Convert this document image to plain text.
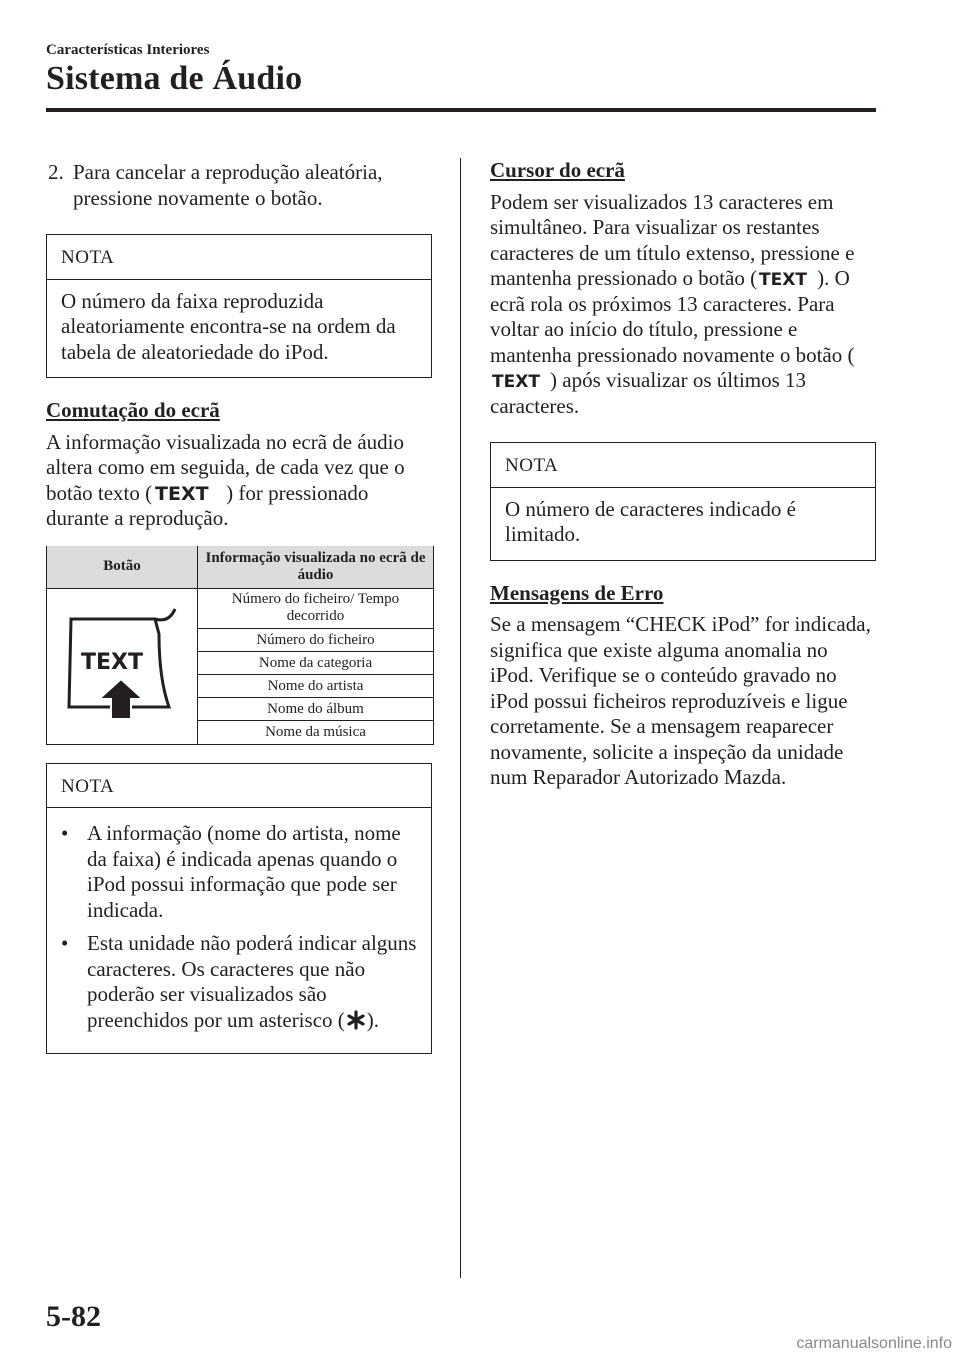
Características Interiores
Sistema de Áudio
2. Para cancelar a reprodução aleatória, pressione novamente o botão.
NOTA

O número da faixa reproduzida aleatoriamente encontra-se na ordem da tabela de aleatoriedade do iPod.

Comutação do ecrã

A informação visualizada no ecrã de áudio altera como em seguida, de cada vez que o botão texto ( TEXT ) for pressionado durante a reprodução.

Botão	Informação visualizada no ecrã de áudio

TEXT	Número do ficheiro/ Tempo decorrido
	Número do ficheiro
	Nome da categoria
	Nome do artista
	Nome do álbum
	Nome da música
NOTA
• A informação (nome do artista, nome da faixa) é indicada apenas quando o iPod possui informação que pode ser indicada.
• Esta unidade não poderá indicar alguns caracteres. Os caracteres que não poderão ser visualizados são preenchidos por um asterisco ( ).
Cursor do ecrã

Podem ser visualizados 13 caracteres em simultâneo. Para visualizar os restantes caracteres de um título extenso, pressione e mantenha pressionado o botão ( TEXT ). O ecrã rola os próximos 13 caracteres. Para voltar ao início do título, pressione e mantenha pressionado novamente o botão (
TEXT ) após visualizar os últimos 13 caracteres.

NOTA

O número de caracteres indicado é limitado.

Mensagens de Erro

Se a mensagem “CHECK iPod” for indicada, significa que existe alguma anomalia no iPod. Verifique se o conteúdo gravado no iPod possui ficheiros reproduzíveis e ligue corretamente. Se a mensagem reaparecer novamente, solicite a inspeção da unidade num Reparador Autorizado Mazda.

5-82
carmanualsonline.info
